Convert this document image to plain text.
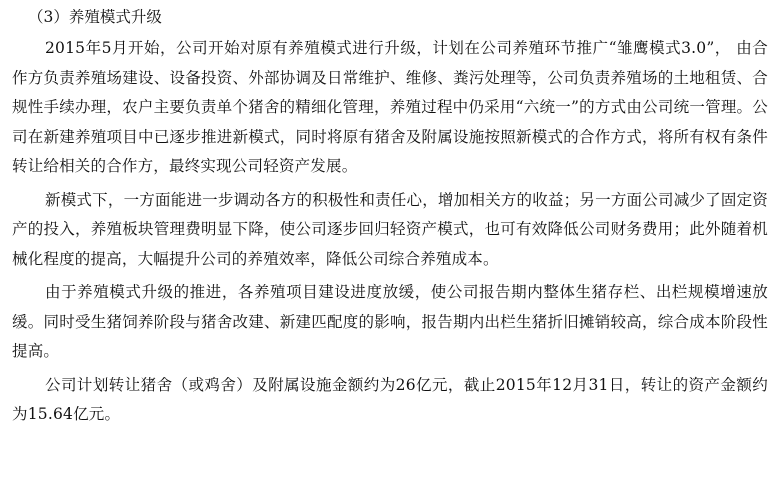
（3）养殖模式升级

2015年5月开始，公司开始对原有养殖模式进行升级，计划在公司养殖环节推广“雏鹰模式3.0”， 由合作方负责养殖场建设、设备投资、外部协调及日常维护、维修、粪污处理等，公司负责养殖场的土地租赁、合规性手续办理，农户主要负责单个猪舍的精细化管理，养殖过程中仍采用“六统一”的方式由公司统一管理。公司在新建养殖项目中已逐步推进新模式，同时将原有猪舍及附属设施按照新模式的合作方式，将所有权有条件转让给相关的合作方，最终实现公司轻资产发展。

新模式下，一方面能进一步调动各方的积极性和责任心，增加相关方的收益；另一方面公司减少了固定资产的投入，养殖板块管理费明显下降，使公司逐步回归轻资产模式，也可有效降低公司财务费用；此外随着机械化程度的提高，大幅提升公司的养殖效率，降低公司综合养殖成本。

由于养殖模式升级的推进，各养殖项目建设进度放缓，使公司报告期内整体生猪存栏、出栏规模增速放缓。同时受生猪饲养阶段与猪舍改建、新建匹配度的影响，报告期内出栏生猪折旧摊销较高，综合成本阶段性提高。

公司计划转让猪舍（或鸡舍）及附属设施金额约为26亿元，截止2015年12月31日，转让的资产金额约为15.64亿元。
